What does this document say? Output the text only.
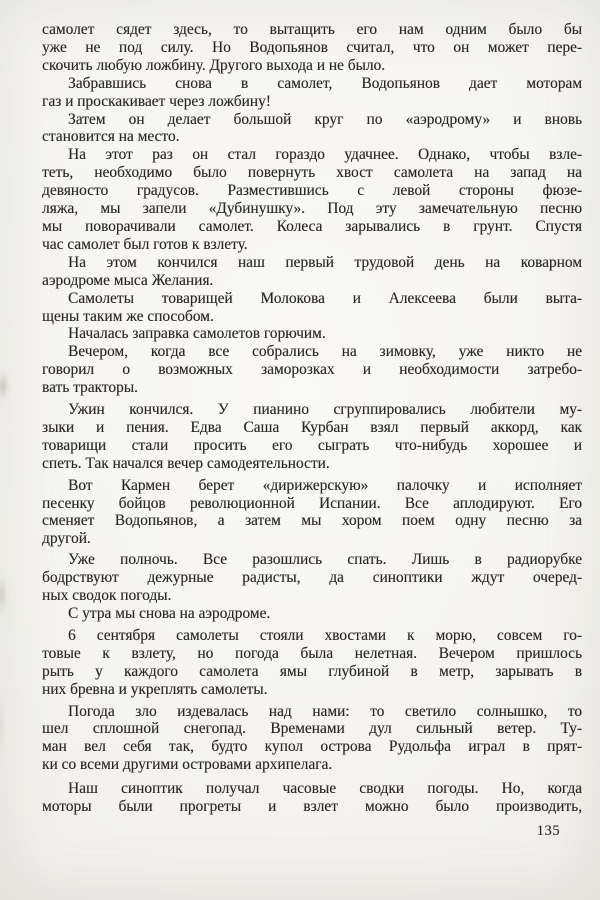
самолет сядет здесь, то вытащить его нам одним было бы
уже не под силу. Но Водопьянов считал, что он может пере-
скочить любую ложбину. Другого выхода и не было.
Забравшись снова в самолет, Водопьянов дает моторам
газ и проскакивает через ложбину!
Затем он делает большой круг по «аэродрому» и вновь
становится на место.
На этот раз он стал гораздо удачнее. Однако, чтобы взле-
теть, необходимо было повернуть хвост самолета на запад на
девяносто градусов. Разместившись с левой стороны фюзе-
ляжа, мы запели «Дубинушку». Под эту замечательную песню
мы поворачивали самолет. Колеса зарывались в грунт. Спустя
час самолет был готов к взлету.
На этом кончился наш первый трудовой день на коварном
аэродроме мыса Желания.
Самолеты товарищей Молокова и Алексеева были выта-
щены таким же способом.
Началась заправка самолетов горючим.
Вечером, когда все собрались на зимовку, уже никто не
говорил о возможных заморозках и необходимости затребо-
вать тракторы.
Ужин кончился. У пианино сгруппировались любители му-
зыки и пения. Едва Саша Курбан взял первый аккорд, как
товарищи стали просить его сыграть что-нибудь хорошее и
спеть. Так начался вечер самодеятельности.
Вот Кармен берет «дирижерскую» палочку и исполняет
песенку бойцов революционной Испании. Все аплодируют. Его
сменяет Водопьянов, а затем мы хором поем одну песню за
другой.
Уже полночь. Все разошлись спать. Лишь в радиорубке
бодрствуют дежурные радисты, да синоптики ждут очеред-
ных сводок погоды.
С утра мы снова на аэродроме.
6 сентября самолеты стояли хвостами к морю, совсем го-
товые к взлету, но погода была нелетная. Вечером пришлось
рыть у каждого самолета ямы глубиной в метр, зарывать в
них бревна и укреплять самолеты.
Погода зло издевалась над нами: то светило солнышко, то
шел сплошной снегопад. Временами дул сильный ветер. Ту-
ман вел себя так, будто купол острова Рудольфа играл в прят-
ки со всеми другими островами архипелага.
Наш синоптик получал часовые сводки погоды. Но, когда
моторы были прогреты и взлет можно было производить,
135
